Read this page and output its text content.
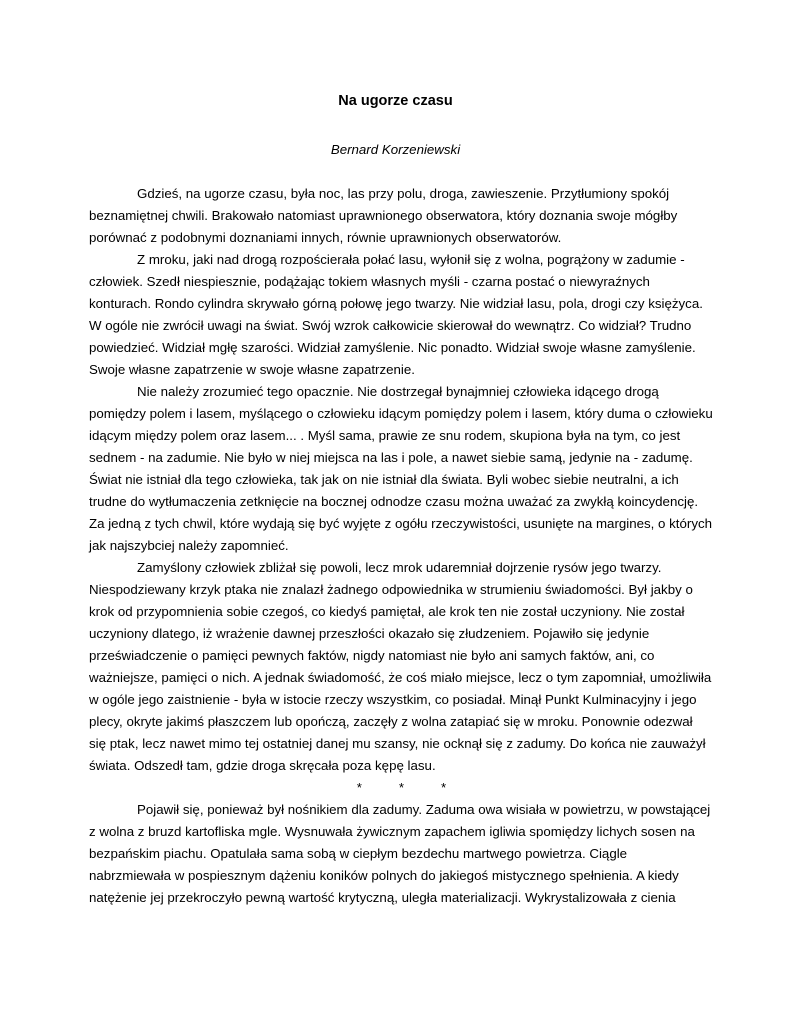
Na ugorze czasu

Bernard Korzeniewski

Gdzieś, na ugorze czasu, była noc, las przy polu, droga, zawieszenie. Przytłumiony spokój
beznamiętnej chwili. Brakowało natomiast uprawnionego obserwatora, który doznania swoje mógłby
porównać z podobnymi doznaniami innych, równie uprawnionych obserwatorów.
Z mroku, jaki nad drogą rozpościerała połać lasu, wyłonił się z wolna, pogrążony w zadumie -
człowiek. Szedł niespiesznie, podążając tokiem własnych myśli - czarna postać o niewyraźnych
konturach. Rondo cylindra skrywało górną połowę jego twarzy. Nie widział lasu, pola, drogi czy księżyca.
W ogóle nie zwrócił uwagi na świat. Swój wzrok całkowicie skierował do wewnątrz. Co widział? Trudno
powiedzieć. Widział mgłę szarości. Widział zamyślenie. Nic ponadto. Widział swoje własne zamyślenie.
Swoje własne zapatrzenie w swoje własne zapatrzenie.
Nie należy zrozumieć tego opacznie. Nie dostrzegał bynajmniej człowieka idącego drogą
pomiędzy polem i lasem, myślącego o człowieku idącym pomiędzy polem i lasem, który duma o człowieku
idącym między polem oraz lasem... . Myśl sama, prawie ze snu rodem, skupiona była na tym, co jest
sednem - na zadumie. Nie było w niej miejsca na las i pole, a nawet siebie samą, jedynie na - zadumę.
Świat nie istniał dla tego człowieka, tak jak on nie istniał dla świata. Byli wobec siebie neutralni, a ich
trudne do wytłumaczenia zetknięcie na bocznej odnodze czasu można uważać za zwykłą koincydencję.
Za jedną z tych chwil, które wydają się być wyjęte z ogółu rzeczywistości, usunięte na margines, o których
jak najszybciej należy zapomnieć.
Zamyślony człowiek zbliżał się powoli, lecz mrok udaremniał dojrzenie rysów jego twarzy.
Niespodziewany krzyk ptaka nie znalazł żadnego odpowiednika w strumieniu świadomości. Był jakby o
krok od przypomnienia sobie czegoś, co kiedyś pamiętał, ale krok ten nie został uczyniony. Nie został
uczyniony dlatego, iż wrażenie dawnej przeszłości okazało się złudzeniem. Pojawiło się jedynie
przeświadczenie o pamięci pewnych faktów, nigdy natomiast nie było ani samych faktów, ani, co
ważniejsze, pamięci o nich. A jednak świadomość, że coś miało miejsce, lecz o tym zapomniał, umożliwiła
w ogóle jego zaistnienie - była w istocie rzeczy wszystkim, co posiadał. Minął Punkt Kulminacyjny i jego
plecy, okryte jakimś płaszczem lub opończą, zaczęły z wolna zatapiać się w mroku. Ponownie odezwał
się ptak, lecz nawet mimo tej ostatniej danej mu szansy, nie ocknął się z zadumy. Do końca nie zauważył
świata. Odszedł tam, gdzie droga skręcała poza kępę lasu.
*          *          *
Pojawił się, ponieważ był nośnikiem dla zadumy. Zaduma owa wisiała w powietrzu, w powstającej
z wolna z bruzd kartofliska mgle. Wysnuwała żywicznym zapachem igliwia spomiędzy lichych sosen na
bezpańskim piachu. Opatulała sama sobą w ciepłym bezdechu martwego powietrza. Ciągle
nabrzmiewała w pospiesznym dążeniu koników polnych do jakiegoś mistycznego spełnienia. A kiedy
natężenie jej przekroczyło pewną wartość krytyczną, uległa materializacji. Wykrystalizowała z cienia
